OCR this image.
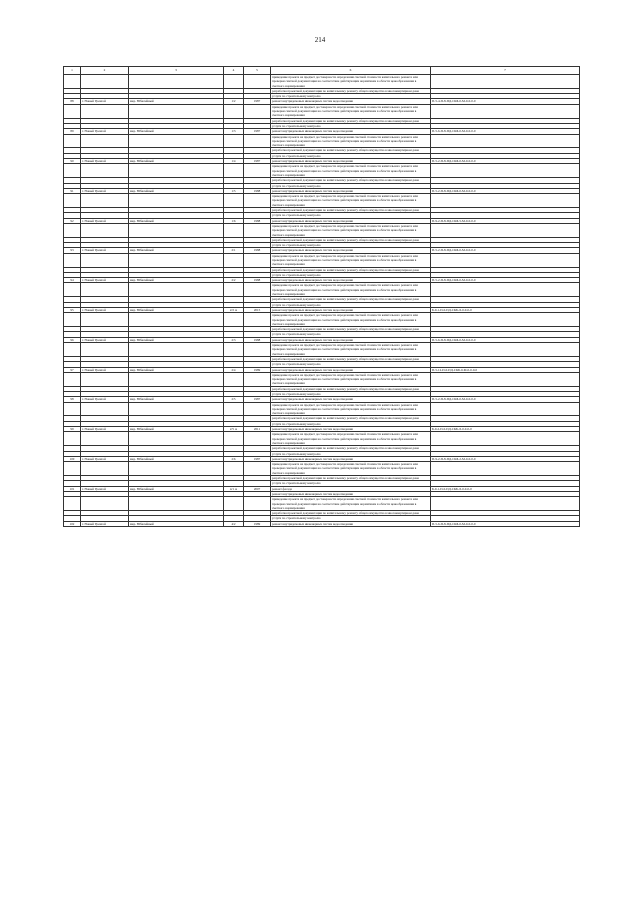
214
1	2	3	4	5	6	7
					приведение проекта на предмет достоверности определения сметной стоимости капитального ремонта или проверки сметной документации на соответствие действующим нормативам в области ценообразования в сметного нормирования	
					разработка проектной документации по капитальному ремонту общего имущества в многоквартирном доме	
					услуги по строительному контролю	
88	г. Новый Уренгой	мкр. Юбилейный	1/2	1987	ремонт внутридомовых инженерных систем водоотведения	П-5-4-П-8-ПД-СКБ-0-М-0-0-0-0
					приведение проекта на предмет достоверности определения сметной стоимости капитального ремонта или проверки сметной документации на соответствие действующим нормативам в области ценообразования в сметного нормирования	
					разработка проектной документации по капитальному ремонту общего имущества в многоквартирном доме	
					услуги по строительному контролю	
89	г. Новый Уренгой	мкр. Юбилейный	1/3	1987	ремонт внутридомовых инженерных систем водоотведения	П-5-6-П-8-ПД-СКБ-0-М-0-0-0-0
					приведение проекта на предмет достоверности определения сметной стоимости капитального ремонта или проверки сметной документации на соответствие действующим нормативам в области ценообразования в сметного нормирования	
					разработка проектной документации по капитальному ремонту общего имущества в многоквартирном доме	
					услуги по строительному контролю	
90	г. Новый Уренгой	мкр. Юбилейный	1/4	1987	ремонт внутридомовых инженерных систем водоотведения	П-5-2-П-8-ПД-СКБ-0-М-0-0-0-0
					приведение проекта на предмет достоверности определения сметной стоимости капитального ремонта или проверки сметной документации на соответствие действующим нормативам в области ценообразования в сметного нормирования	
					разработка проектной документации по капитальному ремонту общего имущества в многоквартирном доме	
					услуги по строительному контролю	
91	г. Новый Уренгой	мкр. Юбилейный	1/5	1988	ремонт внутридомовых инженерных систем водоотведения	П-5-2-П-8-ПД-СКБ-0-М-0-0-0-0
					приведение проекта на предмет достоверности определения сметной стоимости капитального ремонта или проверки сметной документации на соответствие действующим нормативам в области ценообразования в сметного нормирования	
					разработка проектной документации по капитальному ремонту общего имущества в многоквартирном доме	
					услуги по строительному контролю	
92	г. Новый Уренгой	мкр. Юбилейный	1/6	1988	ремонт внутридомовых инженерных систем водоотведения	П-9-2-П-8-ПД-СКБ-5-М-0-0-0-0
					приведение проекта на предмет достоверности определения сметной стоимости капитального ремонта или проверки сметной документации на соответствие действующим нормативам в области ценообразования в сметного нормирования	
					разработка проектной документации по капитальному ремонту общего имущества в многоквартирном доме	
					услуги по строительному контролю	
93	г. Новый Уренгой	мкр. Юбилейный	2/1	1988	ремонт внутридомовых инженерных систем водоотведения	П-5-2-П-8-ПД-СКБ-0-М-0-0-0-0
					приведение проекта на предмет достоверности определения сметной стоимости капитального ремонта или проверки сметной документации на соответствие действующим нормативам в области ценообразования в сметного нормирования	
					разработка проектной документации по капитальному ремонту общего имущества в многоквартирном доме	
					услуги по строительному контролю	
94	г. Новый Уренгой	мкр. Юбилейный	2/2	1988	ремонт внутридомовых инженерных систем водоотведения	П-5-2-П-8-ПД-СКБ-0-М-0-0-0-0
					приведение проекта на предмет достоверности определения сметной стоимости капитального ремонта или проверки сметной документации на соответствие действующим нормативам в области ценообразования в сметного нормирования	
					разработка проектной документации по капитальному ремонту общего имущества в многоквартирном доме	
					услуги по строительному контролю	
95	г. Новый Уренгой	мкр. Юбилейный	2/2 А	2015	ремонт внутридомовых инженерных систем водоотведения	Б-9-1-П-0-ПД-СКБ-Л-0-0-0-0
					приведение проекта на предмет достоверности определения сметной стоимости капитального ремонта или проверки сметной документации на соответствие действующим нормативам в области ценообразования в сметного нормирования	
					разработка проектной документации по капитальному ремонту общего имущества в многоквартирном доме	
					услуги по строительному контролю	
96	г. Новый Уренгой	мкр. Юбилейный	2/3	1988	ремонт внутридомовых инженерных систем водоотведения	П-5-6-П-8-ПД-СКБ-0-М-0-0-0-0
					приведение проекта на предмет достоверности определения сметной стоимости капитального ремонта или проверки сметной документации на соответствие действующим нормативам в области ценообразования в сметного нормирования	
					разработка проектной документации по капитальному ремонту общего имущества в многоквартирном доме	
					услуги по строительному контролю	
97	г. Новый Уренгой	мкр. Юбилейный	2/4	1989	ремонт внутридомовых инженерных систем водоотведения	П-5-12-П-0-ПД-СКБ-0-М-0-0-0-0
					приведение проекта на предмет достоверности определения сметной стоимости капитального ремонта или проверки сметной документации на соответствие действующим нормативам в области ценообразования в сметного нормирования	
					разработка проектной документации по капитальному ремонту общего имущества в многоквартирном доме	
					услуги по строительному контролю	
98	г. Новый Уренгой	мкр. Юбилейный	2/5	1987	ремонт внутридомовых инженерных систем водоотведения	П-5-2-П-8-ПД-СКБ-0-М-0-0-0-0
					приведение проекта на предмет достоверности определения сметной стоимости капитального ремонта или проверки сметной документации на соответствие действующим нормативам в области ценообразования в сметного нормирования	
					разработка проектной документации по капитальному ремонту общего имущества в многоквартирном доме	
					услуги по строительному контролю	
99	г. Новый Уренгой	мкр. Юбилейный	2/5 А	2011	ремонт внутридомовых инженерных систем водоотведения	Б-9-2-П-0-ПД-СКБ-Л-0-0-0-0
					приведение проекта на предмет достоверности определения сметной стоимости капитального ремонта или проверки сметной документации на соответствие действующим нормативам в области ценообразования в сметного нормирования	
					разработка проектной документации по капитальному ремонту общего имущества в многоквартирном доме	
					услуги по строительному контролю	
100	г. Новый Уренгой	мкр. Юбилейный	2/6	1987	ремонт внутридомовых инженерных систем водоотведения	П-9-2-П-8-ПД-СКБ-2-М-0-0-0-0
					приведение проекта на предмет достоверности определения сметной стоимости капитального ремонта или проверки сметной документации на соответствие действующим нормативам в области ценообразования в сметного нормирования	
					разработка проектной документации по капитальному ремонту общего имущества в многоквартирном доме	
					услуги по строительному контролю	
101	г. Новый Уренгой	мкр. Юбилейный	4/1 А	2007	ремонт фасада	Б-9-1-П-0-ПД-СКБ-Л-0-0-0-0
					ремонт внутридомовых инженерных систем водоотведения	
					приведение проекта на предмет достоверности определения сметной стоимости капитального ремонта или проверки сметной документации на соответствие действующим нормативам в области ценообразования в сметного нормирования	
					разработка проектной документации по капитальному ремонту общего имущества в многоквартирном доме	
					услуги по строительному контролю	
102	г. Новый Уренгой	мкр. Юбилейный	4/2	1989	ремонт внутридомовых инженерных систем водоотведения	П-5-6-П-8-ПД-СКБ-0-М-0-0-0-0
